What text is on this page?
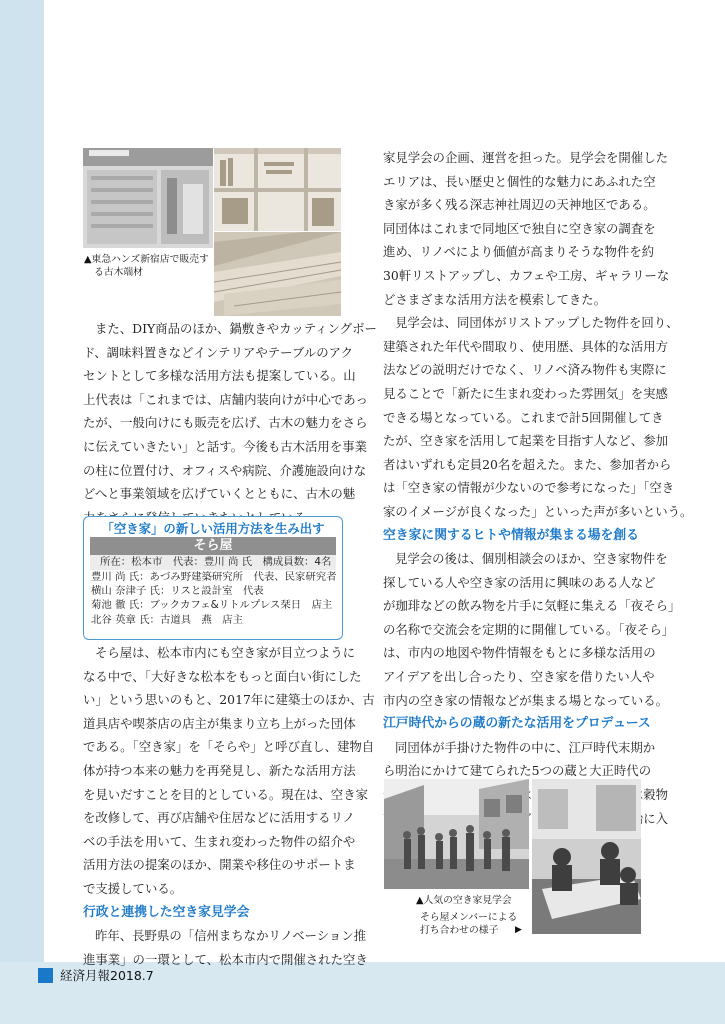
経済月報2018.7
▲東急ハンズ新宿店で販売す
る古木端材
また、DIY商品のほか、鍋敷きやカッティングボー
ド、調味料置きなどインテリアやテーブルのアク
セントとして多様な活用方法も提案している。山
上代表は「これまでは、店舗内装向けが中心であっ
たが、一般向けにも販売を広げ、古木の魅力をさら
に伝えていきたい」と話す。今後も古木活用を事業
の柱に位置付け、オフィスや病院、介護施設向けな
どへと事業領域を広げていくとともに、古木の魅
「空き家」の新しい活用方法を生み出す
そら屋
所在：松本市　代表：豊川 尚 氏　構成員数：4名
豊川 尚 氏：あづみ野建築研究所　代表、民家研究者
横山 奈津子 氏：リスと設計室　代表
菊池 徹 氏：ブックカフェ&リトルプレス栞日　店主
北谷 英章 氏：古道具　燕　店主
そら屋は、松本市内にも空き家が目立つように
なる中で、「大好きな松本をもっと面白い街にした
い」という思いのもと、2017年に建築士のほか、古
道具店や喫茶店の店主が集まり立ち上がった団体
である。「空き家」を「そらや」と呼び直し、建物自
体が持つ本来の魅力を再発見し、新たな活用方法
を見いだすことを目的としている。現在は、空き家
を改修して、再び店舗や住居などに活用するリノ
ベの手法を用いて、生まれ変わった物件の紹介や
活用方法の提案のほか、開業や移住のサポートま
で支援している。
行政と連携した空き家見学会
昨年、長野県の「信州まちなかリノベーション推
進事業」の一環として、松本市内で開催された空き
家見学会の企画、運営を担った。見学会を開催した
エリアは、長い歴史と個性的な魅力にあふれた空
き家が多く残る深志神社周辺の天神地区である。
同団体はこれまで同地区で独自に空き家の調査を
進め、リノベにより価値が高まりそうな物件を約
30軒リストアップし、カフェや工房、ギャラリーな
どさまざまな活用方法を模索してきた。
見学会は、同団体がリストアップした物件を回り、
建築された年代や間取り、使用歴、具体的な活用方
法などの説明だけでなく、リノベ済み物件も実際に
見ることで「新たに生まれ変わった雰囲気」を実感
できる場となっている。これまで計5回開催してき
たが、空き家を活用して起業を目指す人など、参加
者はいずれも定員20名を超えた。また、参加者から
は「空き家の情報が少ないので参考になった」「空き
家のイメージが良くなった」といった声が多いという。
空き家に関するヒトや情報が集まる場を創る
見学会の後は、個別相談会のほか、空き家物件を
探している人や空き家の活用に興味のある人など
が珈琲などの飲み物を片手に気軽に集える「夜そら」
の名称で交流会を定期的に開催している。「夜そら」
は、市内の地図や物件情報をもとに多様な活用の
アイデアを出し合ったり、空き家を借りたい人や
市内の空き家の情報などが集まる場となっている。
江戸時代からの蔵の新たな活用をプロデュース
同団体が手掛けた物件の中に、江戸時代末期か
ら明治にかけて建てられた5つの蔵と大正時代の
▲人気の空き家見学会
そら屋メンバーによる
打ち合わせの様子 ▶
